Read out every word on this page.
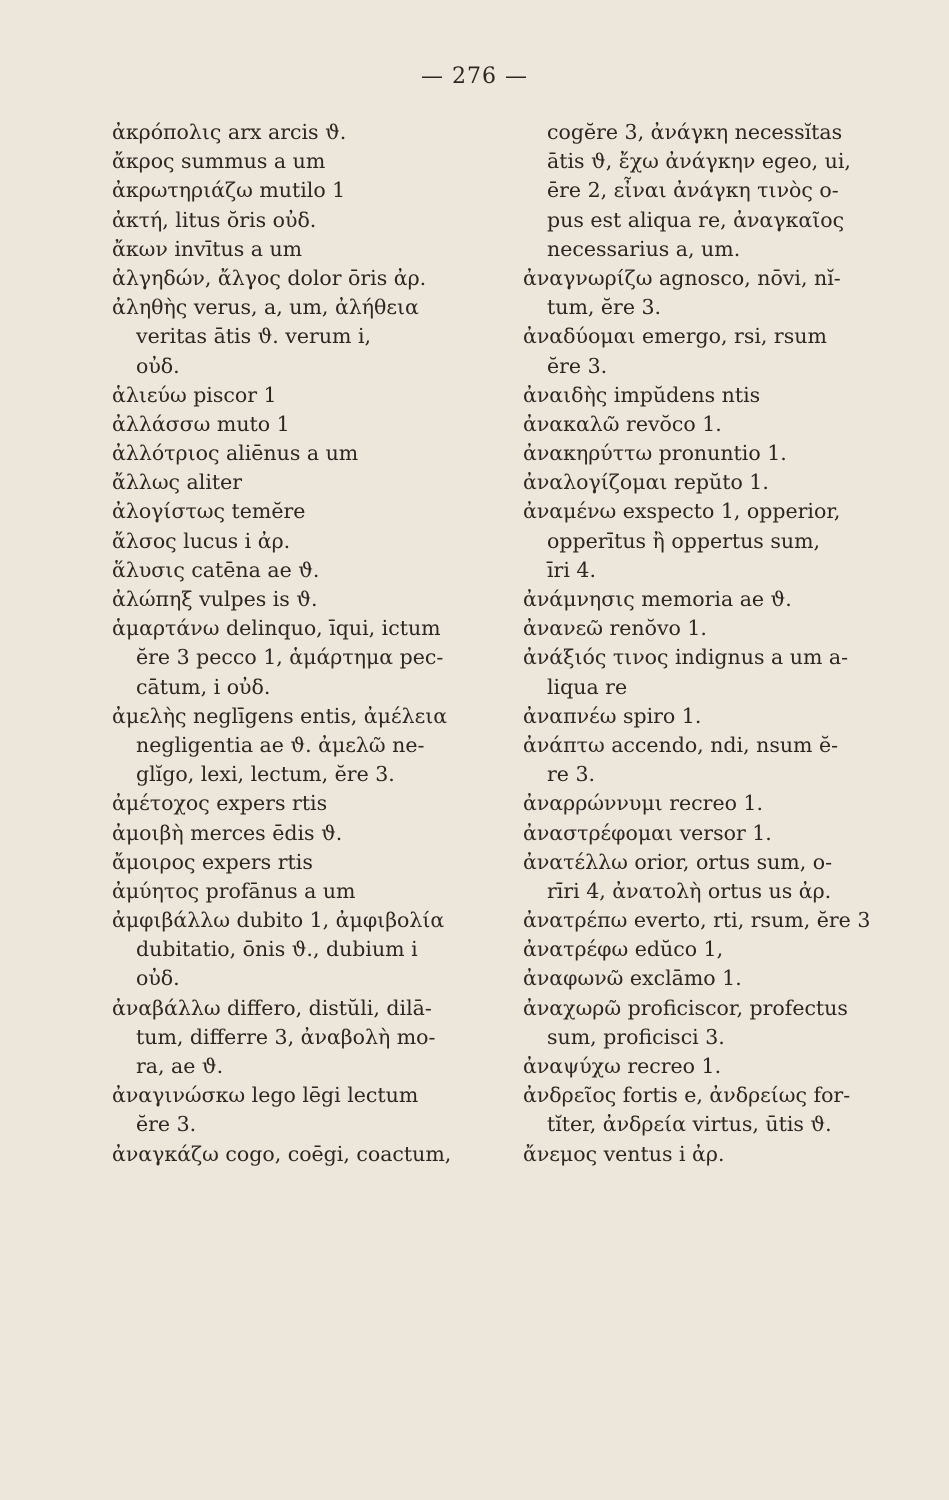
— 276 —
ἀκρόπολις arx arcis ϑ.
ἄκρος summus a um
ἀκρωτηριάζω mutilo 1
ἀκτή, litus ŏris οὐδ.
ἄκων invītus a um
ἀλγηδών, ἄλγος dolor ōris ἀρ.
ἀληθὴς verus, a, um, ἀλήθεια
veritas ātis ϑ. verum i,
οὐδ.
ἁλιεύω piscor 1
ἀλλάσσω muto 1
ἀλλότριος aliēnus a um
ἄλλως aliter
ἀλογίστως temĕre
ἄλσος lucus i ἀρ.
ἅλυσις catēna ae ϑ.
ἀλώπηξ vulpes is ϑ.
ἁμαρτάνω delinquo, īqui, ictum
ĕre 3 pecco 1, ἁμάρτημα pec-
cātum, i οὐδ.
ἀμελὴς neglīgens entis, ἀμέλεια
negligentia ae ϑ. ἀμελῶ ne-
glĭgo, lexi, lectum, ĕre 3.
ἀμέτοχος expers rtis
ἀμοιβὴ merces ēdis ϑ.
ἄμοιρος expers rtis
ἀμύητος profānus a um
ἀμφιβάλλω dubito 1, ἀμφιβολία
dubitatio, ōnis ϑ., dubium i
οὐδ.
ἀναβάλλω differo, distŭli, dilā-
tum, differre 3, ἀναβολὴ mo-
ra, ae ϑ.
ἀναγινώσκω lego lēgi lectum
ĕre 3.
ἀναγκάζω cogo, coēgi, coactum,
cogĕre 3, ἀνάγκη necessĭtas
ātis ϑ, ἔχω ἀνάγκην egeo, ui,
ēre 2, εἶναι ἀνάγκη τινὸς o-
pus est aliqua re, ἀναγκαῖος
necessarius a, um.
ἀναγνωρίζω agnosco, nōvi, nĭ-
tum, ĕre 3.
ἀναδύομαι emergo, rsi, rsum
ĕre 3.
ἀναιδὴς impŭdens ntis
ἀνακαλῶ revŏco 1.
ἀνακηρύττω pronuntio 1.
ἀναλογίζομαι repŭto 1.
ἀναμένω exspecto 1, opperior,
opperītus ἢ oppertus sum,
īri 4.
ἀνάμνησις memoria ae ϑ.
ἀνανεῶ renŏvo 1.
ἀνάξιός τινος indignus a um a-
liqua re
ἀναπνέω spiro 1.
ἀνάπτω accendo, ndi, nsum ĕ-
re 3.
ἀναρρώννυμι recreo 1.
ἀναστρέφομαι versor 1.
ἀνατέλλω orior, ortus sum, o-
rīri 4, ἀνατολὴ ortus us ἀρ.
ἀνατρέπω everto, rti, rsum, ĕre 3
ἀνατρέφω edŭco 1,
ἀναφωνῶ exclāmo 1.
ἀναχωρῶ proficiscor, profectus
sum, proficisci 3.
ἀναψύχω recreo 1.
ἀνδρεῖος fortis e, ἀνδρείως for-
tĭter, ἀνδρεία virtus, ūtis ϑ.
ἄνεμος ventus i ἀρ.
